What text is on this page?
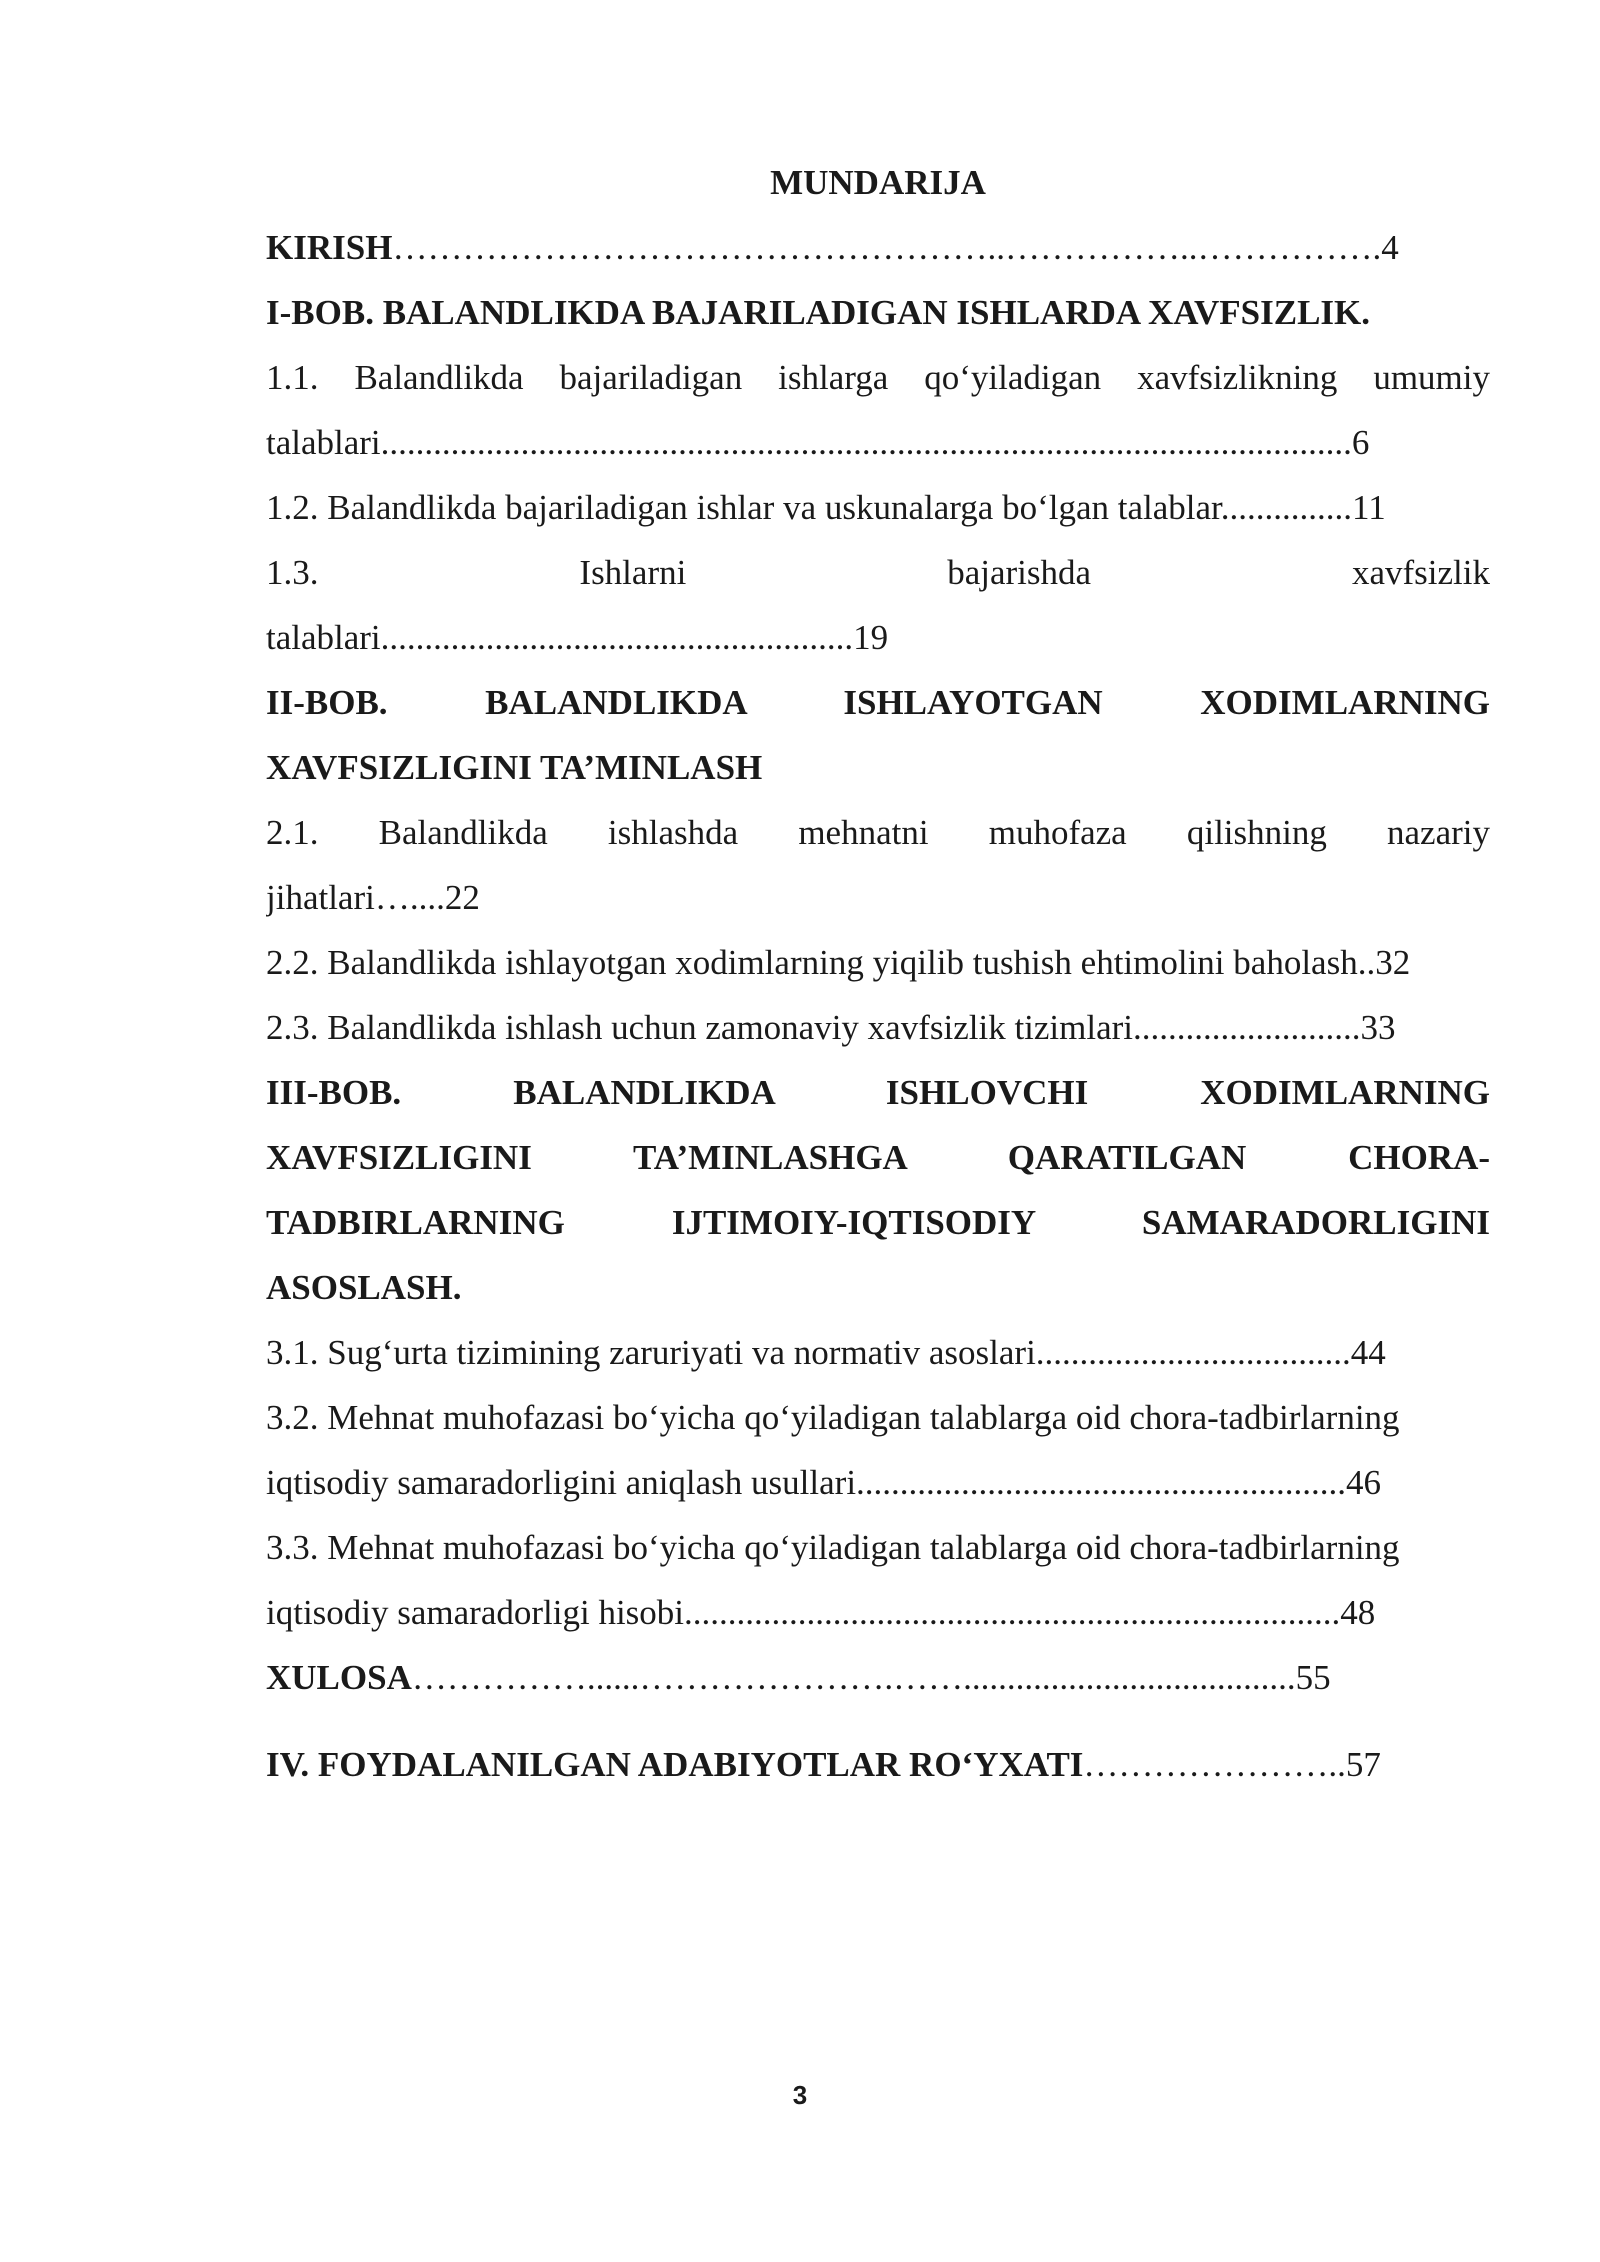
MUNDARIJA
KIRISH……………………………………………..……………..…………….4
I-BOB. BALANDLIKDA BAJARILADIGAN ISHLARDA XAVFSIZLIK.
1.1. Balandlikda bajariladigan ishlarga qo‘yiladigan xavfsizlikning umumiy
talablari...............................................................................................................6
1.2. Balandlikda bajariladigan ishlar va uskunalarga bo‘lgan talablar...............11
1.3. Ishlarni bajarishda xavfsizlik
talablari......................................................19
II-BOB. BALANDLIKDA ISHLAYOTGAN XODIMLARNING
XAVFSIZLIGINI TA’MINLASH
2.1. Balandlikda ishlashda mehnatni muhofaza qilishning nazariy
jihatlari…....22
2.2. Balandlikda ishlayotgan xodimlarning yiqilib tushish ehtimolini baholash..32
2.3. Balandlikda ishlash uchun zamonaviy xavfsizlik tizimlari..........................33
III-BOB. BALANDLIKDA ISHLOVCHI XODIMLARNING
XAVFSIZLIGINI TA’MINLASHGA QARATILGAN CHORA-
TADBIRLARNING IJTIMOIY-IQTISODIY SAMARADORLIGINI
ASOSLASH.
3.1. Sug‘urta tizimining zaruriyati va normativ asoslari....................................44
3.2. Mehnat muhofazasi bo‘yicha qo‘yiladigan talablarga oid chora-tadbirlarning
iqtisodiy samaradorligini aniqlash usullari........................................................46
3.3. Mehnat muhofazasi bo‘yicha qo‘yiladigan talablarga oid chora-tadbirlarning
iqtisodiy samaradorligi hisobi...........................................................................48
XULOSA……………......………………….……......................................55
IV. FOYDALANILGAN ADABIYOTLAR RO‘YXATI…………………..57
3
